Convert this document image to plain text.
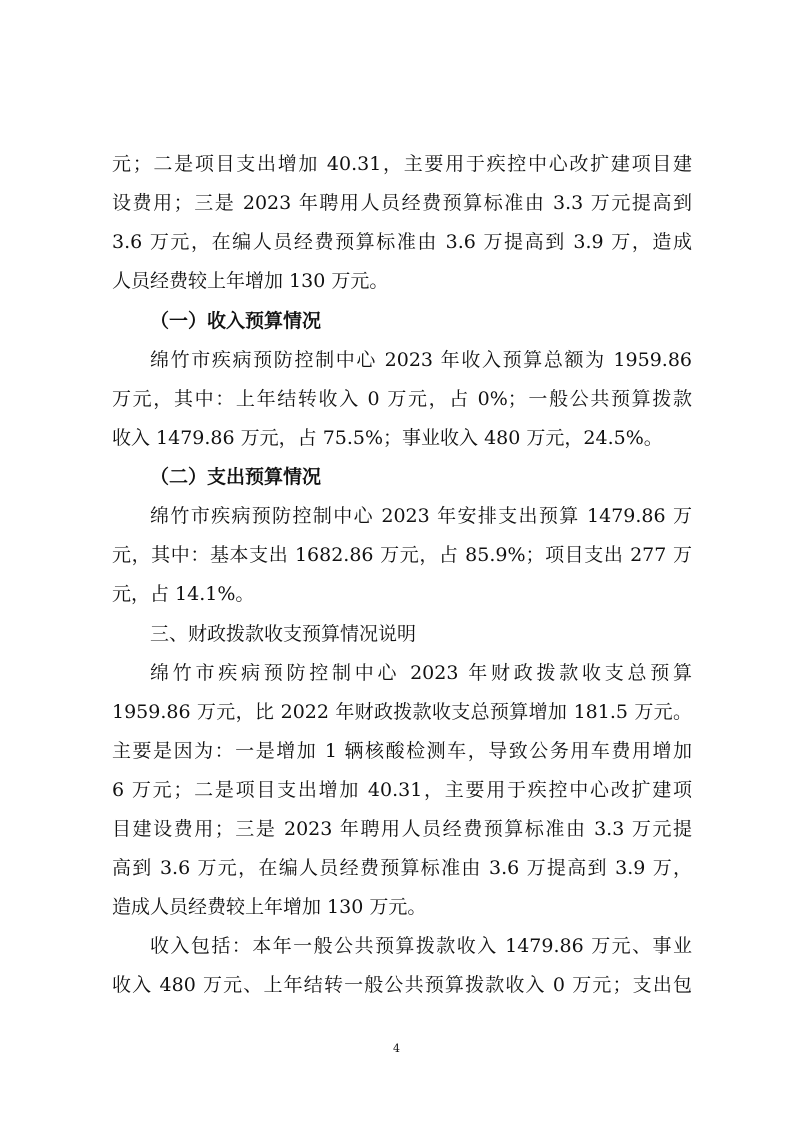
元；二是项目支出增加 40.31，主要用于疾控中心改扩建项目建
设费用；三是 2023 年聘用人员经费预算标准由 3.3 万元提高到
3.6 万元，在编人员经费预算标准由 3.6 万提高到 3.9 万，造成
人员经费较上年增加 130 万元。
（一）收入预算情况
绵竹市疾病预防控制中心 2023 年收入预算总额为 1959.86
万元，其中：上年结转收入 0 万元，占 0%；一般公共预算拨款
收入 1479.86 万元，占 75.5%；事业收入 480 万元，24.5%。
（二）支出预算情况
绵竹市疾病预防控制中心 2023 年安排支出预算 1479.86 万
元，其中：基本支出 1682.86 万元，占 85.9%；项目支出 277 万
元，占 14.1%。
三、财政拨款收支预算情况说明
绵竹市疾病预防控制中心 2023 年财政拨款收支总预算
1959.86 万元，比 2022 年财政拨款收支总预算增加 181.5 万元。
主要是因为：一是增加 1 辆核酸检测车，导致公务用车费用增加
6 万元；二是项目支出增加 40.31，主要用于疾控中心改扩建项
目建设费用；三是 2023 年聘用人员经费预算标准由 3.3 万元提
高到 3.6 万元，在编人员经费预算标准由 3.6 万提高到 3.9 万，
造成人员经费较上年增加 130 万元。
收入包括：本年一般公共预算拨款收入 1479.86 万元、事业
收入 480 万元、上年结转一般公共预算拨款收入 0 万元；支出包
4
